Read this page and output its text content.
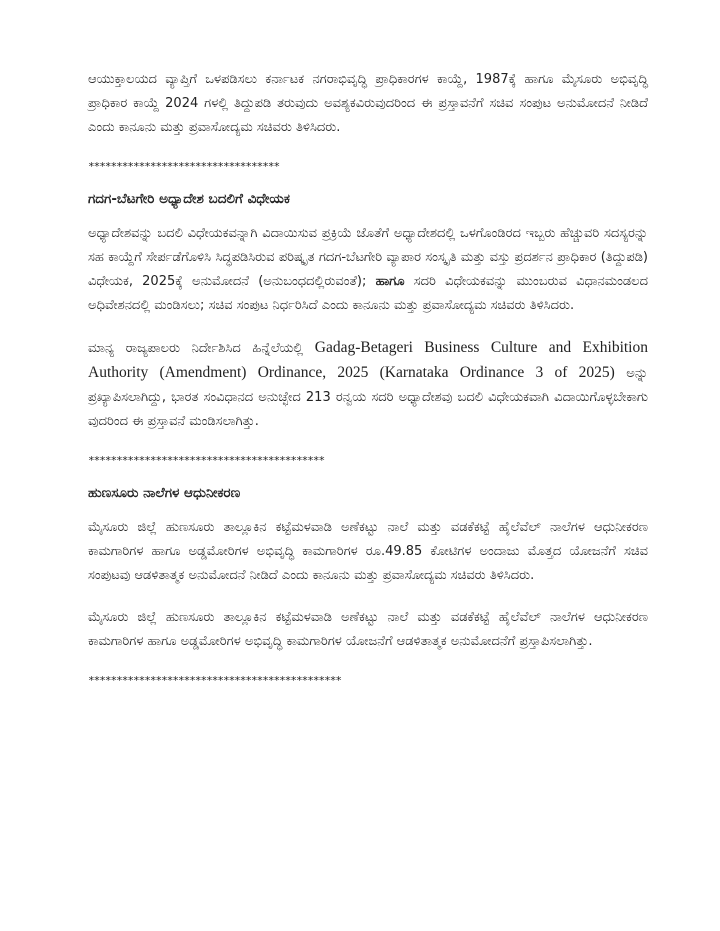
ಆಯುಕ್ತಾಲಯದ ವ್ಯಾಪ್ತಿಗೆ ಒಳಪಡಿಸಲು ಕರ್ನಾಟಕ ನಗರಾಭಿವೃದ್ಧಿ ಪ್ರಾಧಿಕಾರಗಳ ಕಾಯ್ದೆ, 1987ಕ್ಕೆ ಹಾಗೂ ಮೈಸೂರು ಅಭಿವೃದ್ಧಿ ಪ್ರಾಧಿಕಾರ ಕಾಯ್ದೆ 2024 ಗಳಲ್ಲಿ ತಿದ್ದುಪಡಿ ತರುವುದು ಅವಶ್ಯಕವಿರುವುದರಿಂದ ಈ ಪ್ರಸ್ತಾವನೆಗೆ ಸಚಿವ ಸಂಪುಟ ಅನುಮೋದನೆ ನೀಡಿದೆ ಎಂದು ಕಾನೂನು ಮತ್ತು ಪ್ರವಾಸೋದ್ಯಮ ಸಚಿವರು ತಿಳಿಸಿದರು.

**********************************

ಗದಗ-ಬೆಟಗೇರಿ ಅಧ್ಯಾದೇಶ ಬದಲಿಗೆ ವಿಧೇಯಕ

ಅಧ್ಯಾದೇಶವನ್ನು ಬದಲಿ ವಿಧೇಯಕವನ್ನಾಗಿ ವಿದಾಯಿಸುವ ಪ್ರಕ್ರಿಯೆ ಜೊತೆಗೆ ಅಧ್ಯಾದೇಶದಲ್ಲಿ ಒಳಗೊಂಡಿರದ ಇಬ್ಬರು ಹೆಚ್ಚುವರಿ ಸದಸ್ಯರನ್ನು ಸಹ ಕಾಯ್ದೆಗೆ ಸೇರ್ಪಡೆಗೊಳಿಸಿ ಸಿದ್ಧಪಡಿಸಿರುವ ಪರಿಷ್ಕೃತ ಗದಗ-ಬೆಟಗೇರಿ ವ್ಯಾಪಾರ ಸಂಸ್ಕೃತಿ ಮತ್ತು ವಸ್ತು ಪ್ರದರ್ಶನ ಪ್ರಾಧಿಕಾರ (ತಿದ್ದುಪಡಿ) ವಿಧೇಯಕ, 2025ಕ್ಕೆ ಅನುಮೋದನೆ (ಅನುಬಂಧದಲ್ಲಿರುವಂತೆ); ಹಾಗೂ ಸದರಿ ವಿಧೇಯಕವನ್ನು ಮುಂಬರುವ ವಿಧಾನಮಂಡಲದ ಅಧಿವೇಶನದಲ್ಲಿ ಮಂಡಿಸಲು; ಸಚಿವ ಸಂಪುಟ ನಿರ್ಧರಿಸಿದೆ ಎಂದು ಕಾನೂನು ಮತ್ತು ಪ್ರವಾಸೋದ್ಯಮ ಸಚಿವರು ತಿಳಿಸಿದರು.

ಮಾನ್ಯ ರಾಜ್ಯಪಾಲರು ನಿರ್ದೇಶಿಸಿದ ಹಿನ್ನೆಲೆಯಲ್ಲಿ Gadag-Betageri Business Culture and Exhibition Authority (Amendment) Ordinance, 2025 (Karnataka Ordinance 3 of 2025) ಅನ್ನು ಪ್ರಖ್ಯಾಪಿಸಲಾಗಿದ್ದು, ಭಾರತ ಸಂವಿಧಾನದ ಅನುಚ್ಛೇದ 213 ರನ್ವಯ ಸದರಿ ಅಧ್ಯಾದೇಶವು ಬದಲಿ ವಿಧೇಯಕವಾಗಿ ವಿದಾಯಿಗೊಳ್ಳಬೇಕಾಗು ವುದರಿಂದ ಈ ಪ್ರಸ್ತಾವನೆ ಮಂಡಿಸಲಾಗಿತ್ತು.

******************************************

ಹುಣಸೂರು ನಾಲೆಗಳ ಆಧುನೀಕರಣ

ಮೈಸೂರು ಜಿಲ್ಲೆ ಹುಣಸೂರು ತಾಲ್ಲೂಕಿನ ಕಟ್ಟೆಮಳವಾಡಿ ಅಣೆಕಟ್ಟು ನಾಲೆ ಮತ್ತು ವಡಕೆಕಟ್ಟೆ ಹೈಲೆವೆಲ್ ನಾಲೆಗಳ ಆಧುನೀಕರಣ ಕಾಮಗಾರಿಗಳ ಹಾಗೂ ಅಡ್ಡಮೋರಿಗಳ ಅಭಿವೃದ್ಧಿ ಕಾಮಗಾರಿಗಳ ರೂ.49.85 ಕೋಟಿಗಳ ಅಂದಾಜು ಮೊತ್ತದ ಯೋಜನೆಗೆ ಸಚಿವ ಸಂಪುಟವು ಆಡಳಿತಾತ್ಮಕ ಅನುಮೋದನೆ ನೀಡಿದೆ ಎಂದು ಕಾನೂನು ಮತ್ತು ಪ್ರವಾಸೋದ್ಯಮ ಸಚಿವರು ತಿಳಿಸಿದರು.

ಮೈಸೂರು ಜಿಲ್ಲೆ ಹುಣಸೂರು ತಾಲ್ಲೂಕಿನ ಕಟ್ಟೆಮಳವಾಡಿ ಅಣೆಕಟ್ಟು ನಾಲೆ ಮತ್ತು ವಡಕೆಕಟ್ಟೆ ಹೈಲೆವೆಲ್ ನಾಲೆಗಳ ಆಧುನೀಕರಣ ಕಾಮಗಾರಿಗಳ ಹಾಗೂ ಅಡ್ಡಮೋರಿಗಳ ಅಭಿವೃದ್ಧಿ ಕಾಮಗಾರಿಗಳ ಯೋಜನೆಗೆ ಆಡಳಿತಾತ್ಮಕ ಅನುಮೋದನೆಗೆ ಪ್ರಸ್ತಾಪಿಸಲಾಗಿತ್ತು.

*********************************************
